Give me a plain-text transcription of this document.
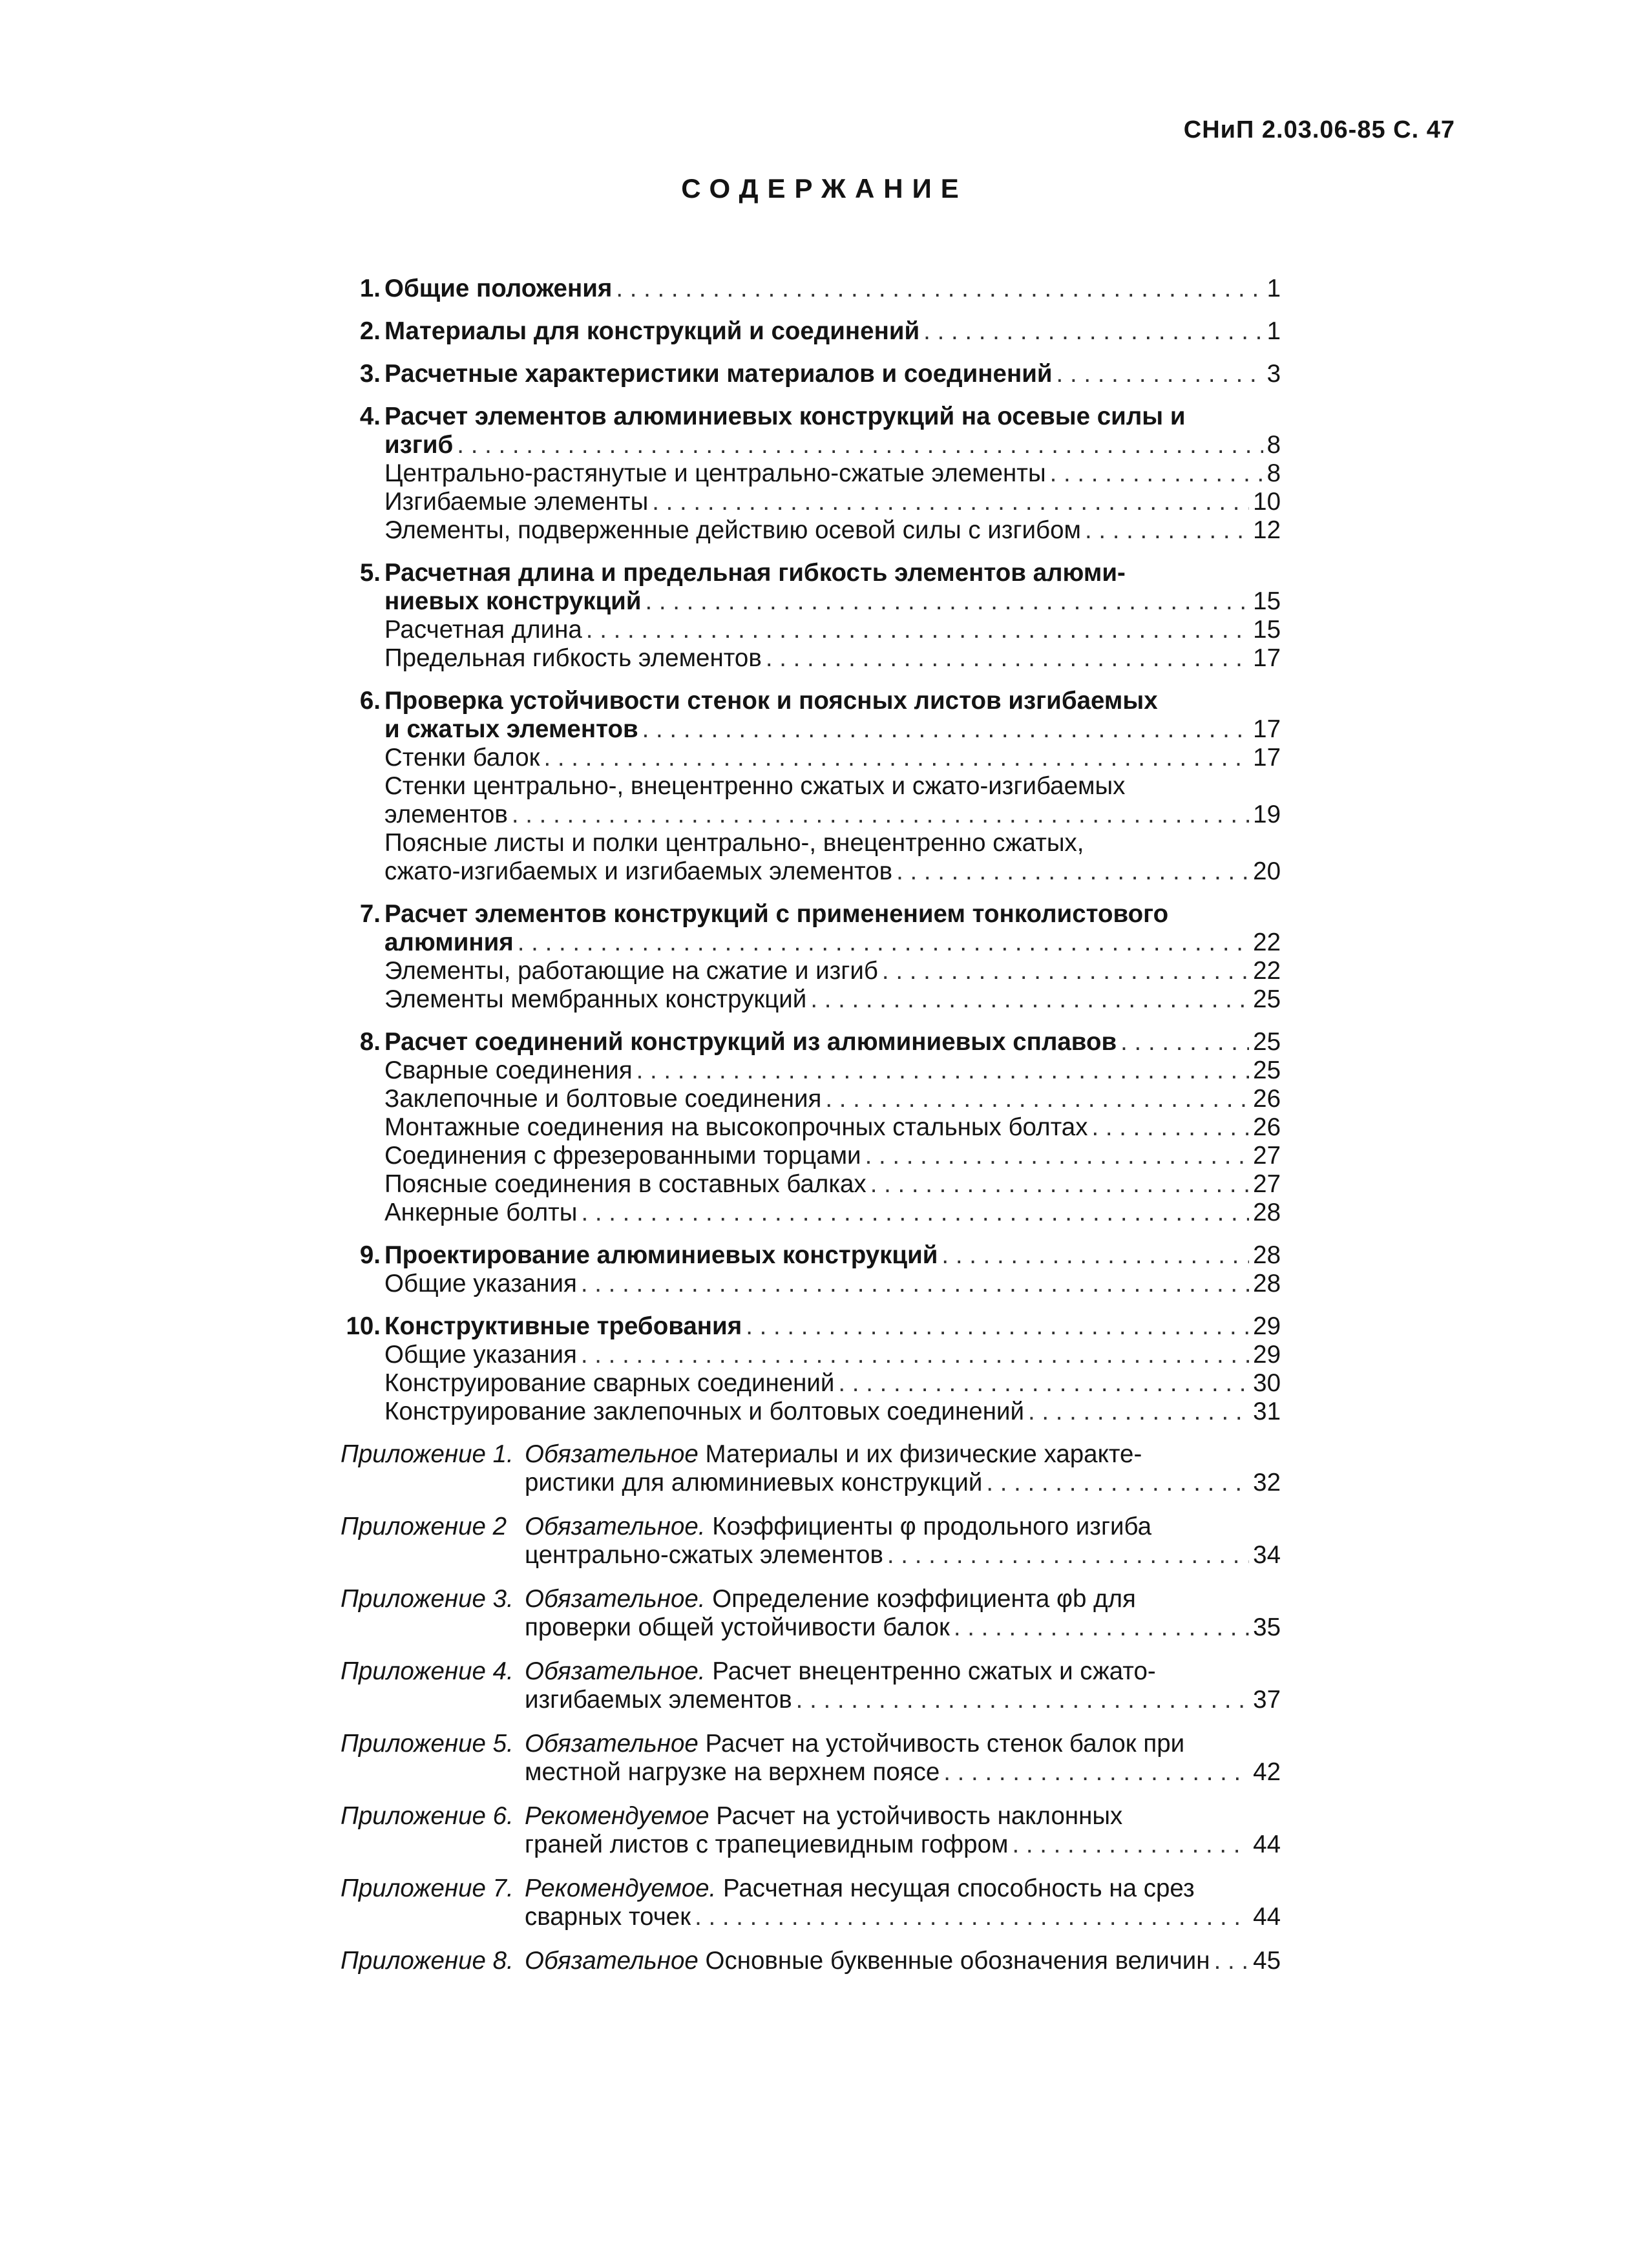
СНиП 2.03.06-85 С. 47
СОДЕРЖАНИЕ
1. Общие положения . . .	1
2. Материалы для конструкций и соединений . . .	1
3. Расчетные характеристики материалов и соединений . . .	3
4. Расчет элементов алюминиевых конструкций на осевые силы и
изгиб . . .	8
Центрально-растянутые и центрально-сжатые элементы . . .	8
Изгибаемые элементы . . .	10
Элементы, подверженные действию осевой силы с изгибом . . .	12
5. Расчетная длина и предельная гибкость элементов алюми-
ниевых конструкций . . .	15
Расчетная длина . . .	15
Предельная гибкость элементов . . .	17
6. Проверка устойчивости стенок и поясных листов изгибаемых
и сжатых элементов . . .	17
Стенки балок . . .	17
Стенки центрально-, внецентренно сжатых и сжато-изгибаемых
элементов . . .	19
Поясные листы и полки центрально-, внецентренно сжатых,
сжато-изгибаемых и изгибаемых элементов . . .	20
7. Расчет элементов конструкций с применением тонколистового
алюминия . . .	22
Элементы, работающие на сжатие и изгиб . . .	22
Элементы мембранных конструкций . . .	25
8. Расчет соединений конструкций из алюминиевых сплавов . . .	25
Сварные соединения . . .	25
Заклепочные и болтовые соединения . . .	26
Монтажные соединения на высокопрочных стальных болтах . . .	26
Соединения с фрезерованными торцами . . .	27
Поясные соединения в составных балках . . .	27
Анкерные болты . . .	28
9. Проектирование алюминиевых конструкций . . .	28
Общие указания . . .	28
10. Конструктивные требования . . .	29
Общие указания . . .	29
Конструирование сварных соединений . . .	30
Конструирование заклепочных и болтовых соединений . . .	31
Приложение 1. Обязательное Материалы и их физические характе-
ристики для алюминиевых конструкций . . .	32
Приложение 2 Обязательное. Коэффициенты φ продольного изгиба
центрально-сжатых элементов . . .	34
Приложение 3. Обязательное. Определение коэффициента φb для
проверки общей устойчивости балок . . .	35
Приложение 4. Обязательное. Расчет внецентренно сжатых и сжато-
изгибаемых элементов . . .	37
Приложение 5. Обязательное Расчет на устойчивость стенок балок при
местной нагрузке на верхнем поясе . . .	42
Приложение 6. Рекомендуемое Расчет на устойчивость наклонных
граней листов с трапециевидным гофром . . .	44
Приложение 7. Рекомендуемое. Расчетная несущая способность на срез
сварных точек . . .	44
Приложение 8. Обязательное Основные буквенные обозначения величин . . . 45
